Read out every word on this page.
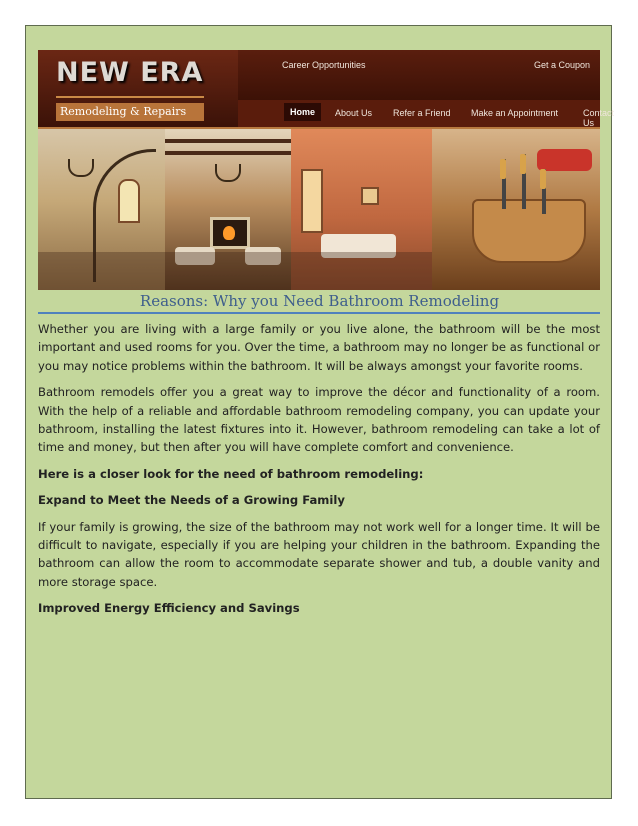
NEW ERA
Remodeling & Repairs
Career Opportunities	Get a Coupon
Home	About Us Refer a Friend Make an Appointment	Contact Us
Reasons: Why you Need Bathroom Remodeling

Whether you are living with a large family or you live alone, the bathroom will be the most important and used rooms for you. Over the time, a bathroom may no longer be as functional or you may notice problems within the bathroom. It will be always amongst your favorite rooms.

Bathroom remodels offer you a great way to improve the décor and functionality of a room. With the help of a reliable and affordable bathroom remodeling company, you can update your bathroom, installing the latest fixtures into it. However, bathroom remodeling can take a lot of time and money, but then after you will have complete comfort and convenience.

Here is a closer look for the need of bathroom remodeling:

Expand to Meet the Needs of a Growing Family

If your family is growing, the size of the bathroom may not work well for a longer time. It will be difficult to navigate, especially if you are helping your children in the bathroom. Expanding the bathroom can allow the room to accommodate separate shower and tub, a double vanity and more storage space.

Improved Energy Efficiency and Savings
